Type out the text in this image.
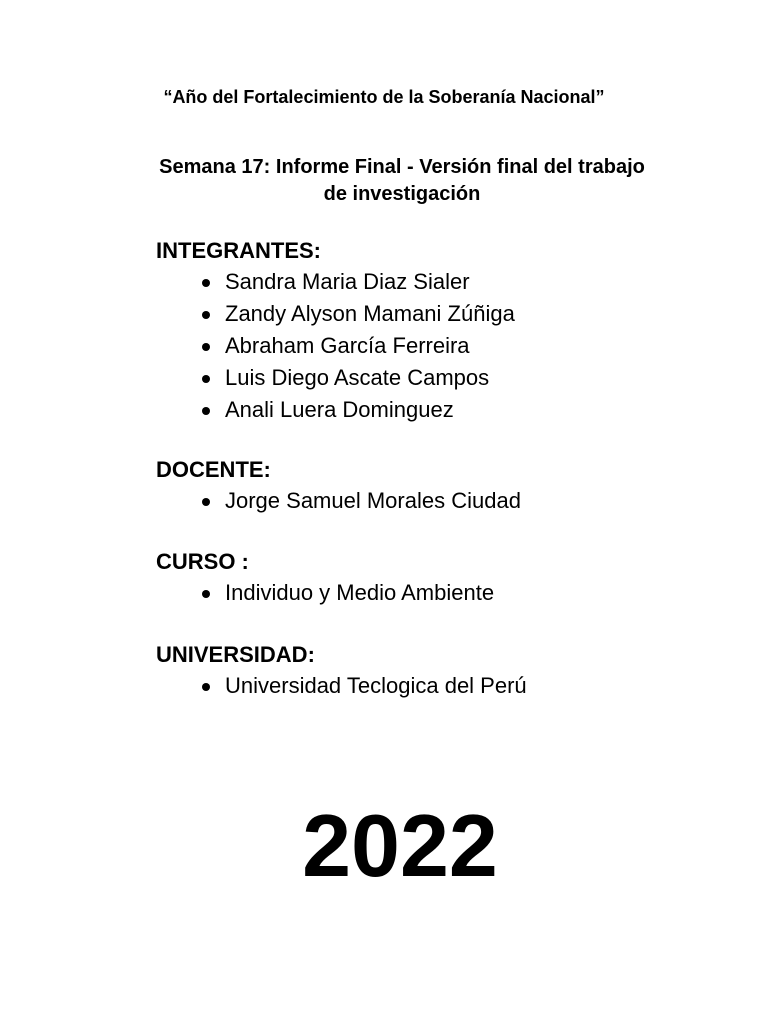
“Año del Fortalecimiento de la Soberanía Nacional”
Semana 17: Informe Final - Versión final del trabajo
de investigación
INTEGRANTES:
Sandra Maria Diaz Sialer
Zandy Alyson Mamani Zúñiga
Abraham García Ferreira
Luis Diego Ascate Campos
Anali Luera Dominguez
DOCENTE:
Jorge Samuel Morales Ciudad
CURSO :
Individuo y Medio Ambiente
UNIVERSIDAD:
Universidad Teclogica del Perú
2022
